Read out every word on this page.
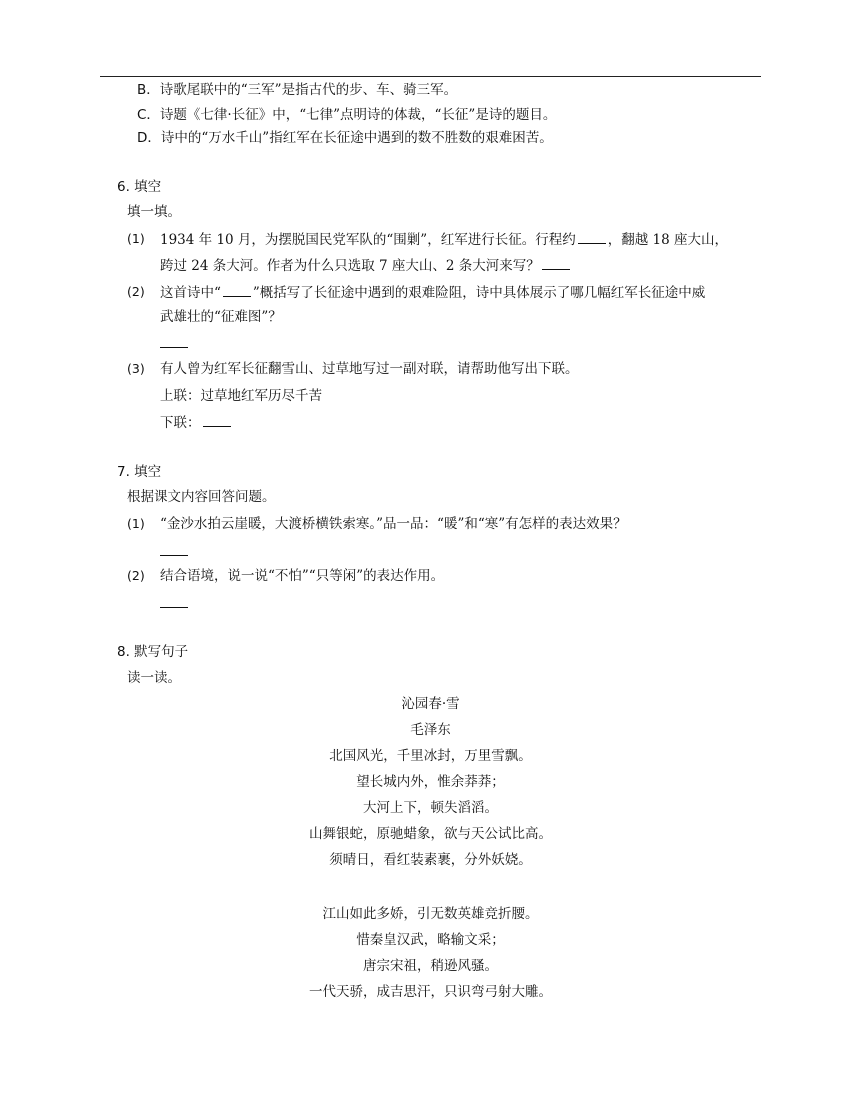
B．诗歌尾联中的“三军”是指古代的步、车、骑三军。
C．诗题《七律·长征》中，“七律”点明诗的体裁，“长征”是诗的题目。
D．诗中的“万水千山”指红军在长征途中遇到的数不胜数的艰难困苦。
6. 填空
填一填。
(1) 1934 年 10 月，为摆脱国民党军队的“围剿”，红军进行长征。行程约 ，翻越 18 座大山，
跨过 24 条大河。作者为什么只选取 7 座大山、2 条大河来写？
(2) 这首诗中“ ”概括写了长征途中遇到的艰难险阻，诗中具体展示了哪几幅红军长征途中威
武雄壮的“征难图”？
(3) 有人曾为红军长征翻雪山、过草地写过一副对联，请帮助他写出下联。
上联：过草地红军历尽千苦
下联：
7. 填空
根据课文内容回答问题。
(1) “金沙水拍云崖暖，大渡桥横铁索寒。”品一品：“暖”和“寒”有怎样的表达效果？
(2) 结合语境，说一说“不怕”“只等闲”的表达作用。
8. 默写句子
读一读。
沁园春·雪
毛泽东
北国风光，千里冰封，万里雪飘。
望长城内外，惟余莽莽；
大河上下，顿失滔滔。
山舞银蛇，原驰蜡象，欲与天公试比高。
须晴日，看红装素裹，分外妖娆。
江山如此多娇，引无数英雄竞折腰。
惜秦皇汉武，略输文采；
唐宗宋祖，稍逊风骚。
一代天骄，成吉思汗，只识弯弓射大雕。
